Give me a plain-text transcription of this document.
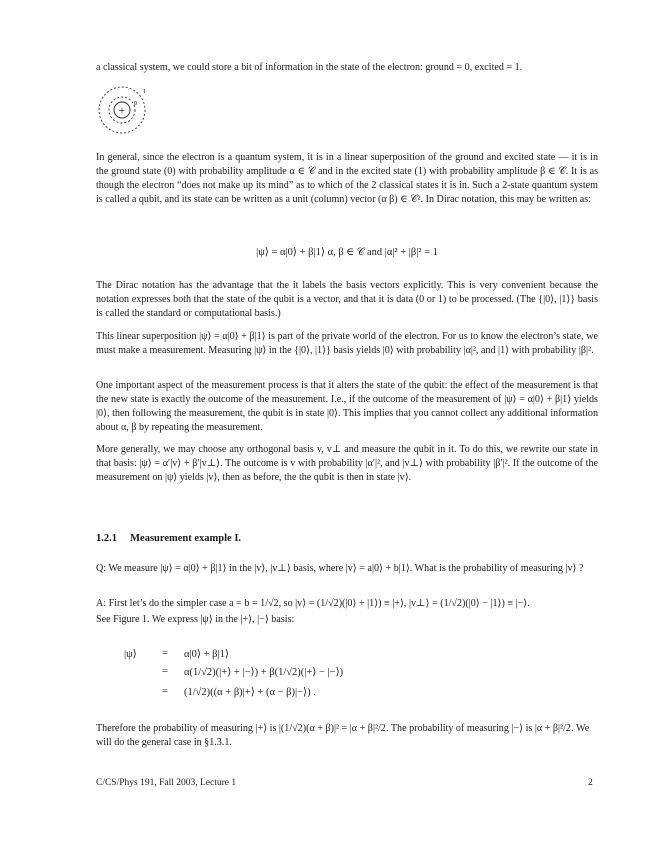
a classical system, we could store a bit of information in the state of the electron: ground = 0, excited = 1.

+
1
0

In general, since the electron is a quantum system, it is in a linear superposition of the ground and excited state — it is in the ground state (0) with probability amplitude α ∈ 𝒞 and in the excited state (1) with probability amplitude β ∈ 𝒞. It is as though the electron “does not make up its mind” as to which of the 2 classical states it is in. Such a 2-state quantum system is called a qubit, and its state can be written as a unit (column) vector (α β) ∈ 𝒞². In Dirac notation, this may be written as:

|ψ⟩ = α|0⟩ + β|1⟩ α, β ∈ 𝒞 and |α|² + |β|² = 1

The Dirac notation has the advantage that the it labels the basis vectors explicitly. This is very convenient because the notation expresses both that the state of the qubit is a vector, and that it is data (0 or 1) to be processed. (The {|0⟩, |1⟩} basis is called the standard or computational basis.)

This linear superposition |ψ⟩ = α|0⟩ + β|1⟩ is part of the private world of the electron. For us to know the electron’s state, we must make a measurement. Measuring |ψ⟩ in the {|0⟩, |1⟩} basis yields |0⟩ with probability |α|², and |1⟩ with probability |β|².

One important aspect of the measurement process is that it alters the state of the qubit: the effect of the measurement is that the new state is exactly the outcome of the measurement. I.e., if the outcome of the measurement of |ψ⟩ = α|0⟩ + β|1⟩ yields |0⟩, then following the measurement, the qubit is in state |0⟩. This implies that you cannot collect any additional information about α, β by repeating the measurement.

More generally, we may choose any orthogonal basis v, v⊥ and measure the qubit in it. To do this, we rewrite our state in that basis: |ψ⟩ = α′|v⟩ + β′|v⊥⟩. The outcome is v with probability |α′|², and |v⊥⟩ with probability |β′|². If the outcome of the measurement on |ψ⟩ yields |v⟩, then as before, the the qubit is then in state |v⟩.

1.2.1 Measurement example I.

Q: We measure |ψ⟩ = α|0⟩ + β|1⟩ in the |v⟩, |v⊥⟩ basis, where |v⟩ = a|0⟩ + b|1⟩. What is the probability of measuring |v⟩ ?

A: First let’s do the simpler case a = b = 1/√2, so |v⟩ = (1/√2)(|0⟩ + |1⟩) ≡ |+⟩, |v⊥⟩ = (1/√2)(|0⟩ − |1⟩) ≡ |−⟩.

See Figure 1. We express |ψ⟩ in the |+⟩, |−⟩ basis:

|ψ⟩ = α|0⟩ + β|1⟩
= α(1/√2)(|+⟩ + |−⟩) + β(1/√2)(|+⟩ − |−⟩)
= (1/√2)((α + β)|+⟩ + (α − β)|−⟩) .

Therefore the probability of measuring |+⟩ is |(1/√2)(α + β)|² = |α + β|²/2. The probability of measuring |−⟩ is |α + β|²/2. We will do the general case in §1.3.1.

C/CS/Phys 191, Fall 2003, Lecture 1	2
